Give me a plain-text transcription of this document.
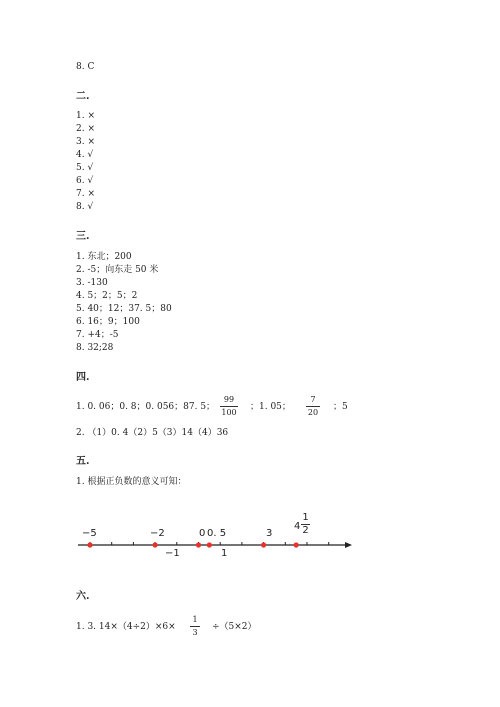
8. C
二.
1. ×
2. ×
3. ×
4. √
5. √
6. √
7. ×
8. √
三.
1. 东北；200
2. -5；向东走 50 米
3. -130
4. 5；2；5；2
5. 40；12；37. 5；80
6. 16；9；100
7. +4；-5
8. 32;28
四.
1. 0. 06；0. 8；0. 056；87. 5；
99
100
；1. 05；
7
20
；5
2. （1）0. 4（2）5（3）14（4）36
五.
1. 根据正负数的意义可知：
−5	−2	0 0. 5	3
−1	1
4
1
2
六.
1. 3. 14×（4÷2）×6×
1
3
÷（5×2）
